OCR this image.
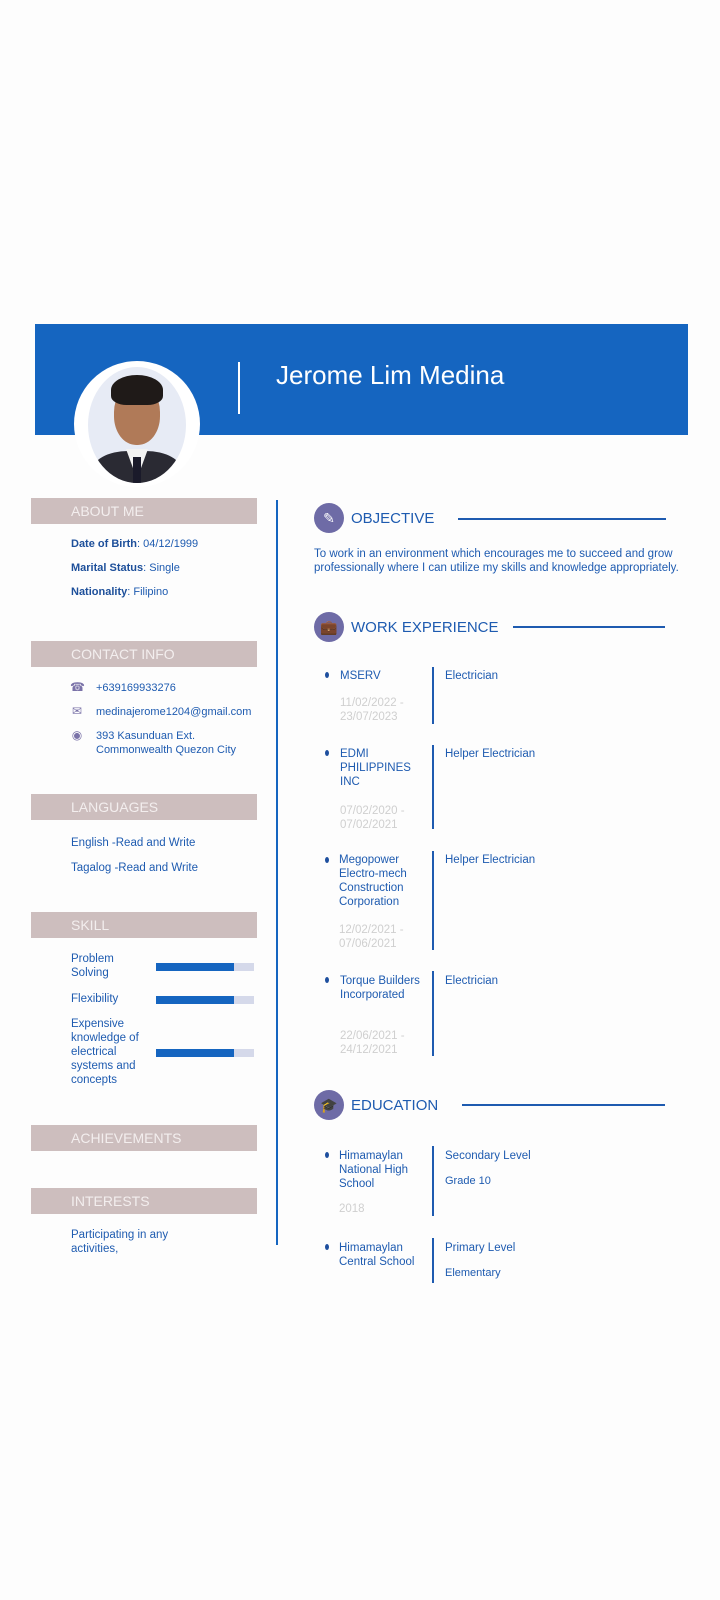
Jerome Lim Medina
ABOUT ME
Date of Birth: 04/12/1999
Marital Status: Single
Nationality: Filipino
CONTACT INFO
☎ +639169933276
✉ medinajerome1204@gmail.com
◉ 393 Kasunduan Ext.
Commonwealth Quezon City
LANGUAGES
English -Read and Write
Tagalog -Read and Write
SKILL
Problem Solving
Flexibility
Expensive knowledge of electrical systems and concepts
ACHIEVEMENTS
INTERESTS
Participating in any activities,
✎	OBJECTIVE
To work in an environment which encourages me to succeed and grow professionally where I can utilize my skills and knowledge appropriately.
💼 WORK EXPERIENCE
MSERV
11/02/2022 - 23/07/2023
Electrician
EDMI PHILIPPINES INC
07/02/2020 - 07/02/2021
Helper Electrician
Megopower Electro-mech Construction Corporation
12/02/2021 - 07/06/2021
Helper Electrician
Torque Builders Incorporated
22/06/2021 - 24/12/2021
Electrician
🎓 EDUCATION
Himamaylan National High School
2018
Secondary Level
Grade 10
Himamaylan Central School
Primary Level
Elementary
